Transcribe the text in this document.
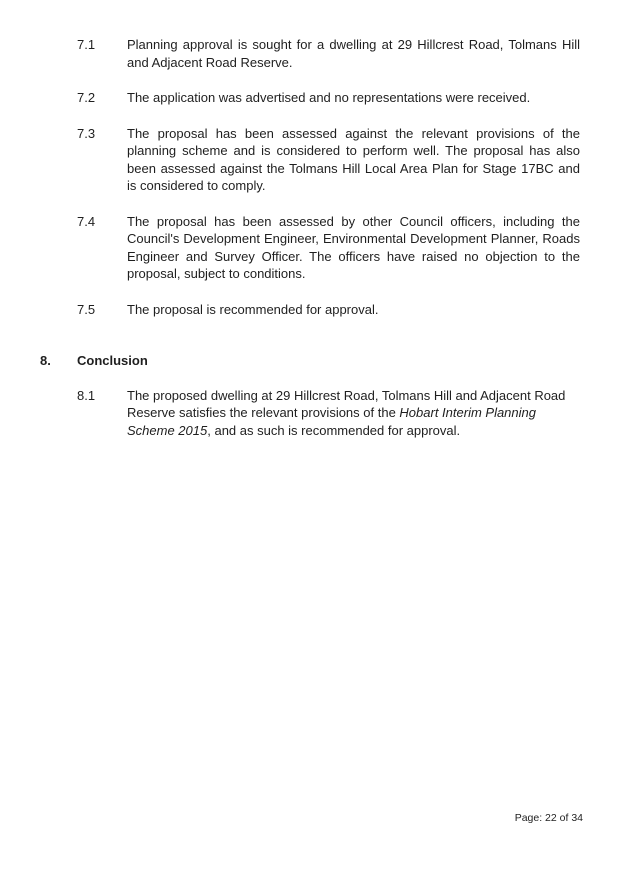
7.1	Planning approval is sought for a dwelling at 29 Hillcrest Road, Tolmans Hill and Adjacent Road Reserve.
7.2	The application was advertised and no representations were received.
7.3	The proposal has been assessed against the relevant provisions of the planning scheme and is considered to perform well. The proposal has also been assessed against the Tolmans Hill Local Area Plan for Stage 17BC and is considered to comply.
7.4	The proposal has been assessed by other Council officers, including the Council's Development Engineer, Environmental Development Planner, Roads Engineer and Survey Officer. The officers have raised no objection to the proposal, subject to conditions.
7.5	The proposal is recommended for approval.
8.	Conclusion
8.1	The proposed dwelling at 29 Hillcrest Road, Tolmans Hill and Adjacent Road Reserve satisfies the relevant provisions of the Hobart Interim Planning Scheme 2015, and as such is recommended for approval.
Page: 22 of 34
